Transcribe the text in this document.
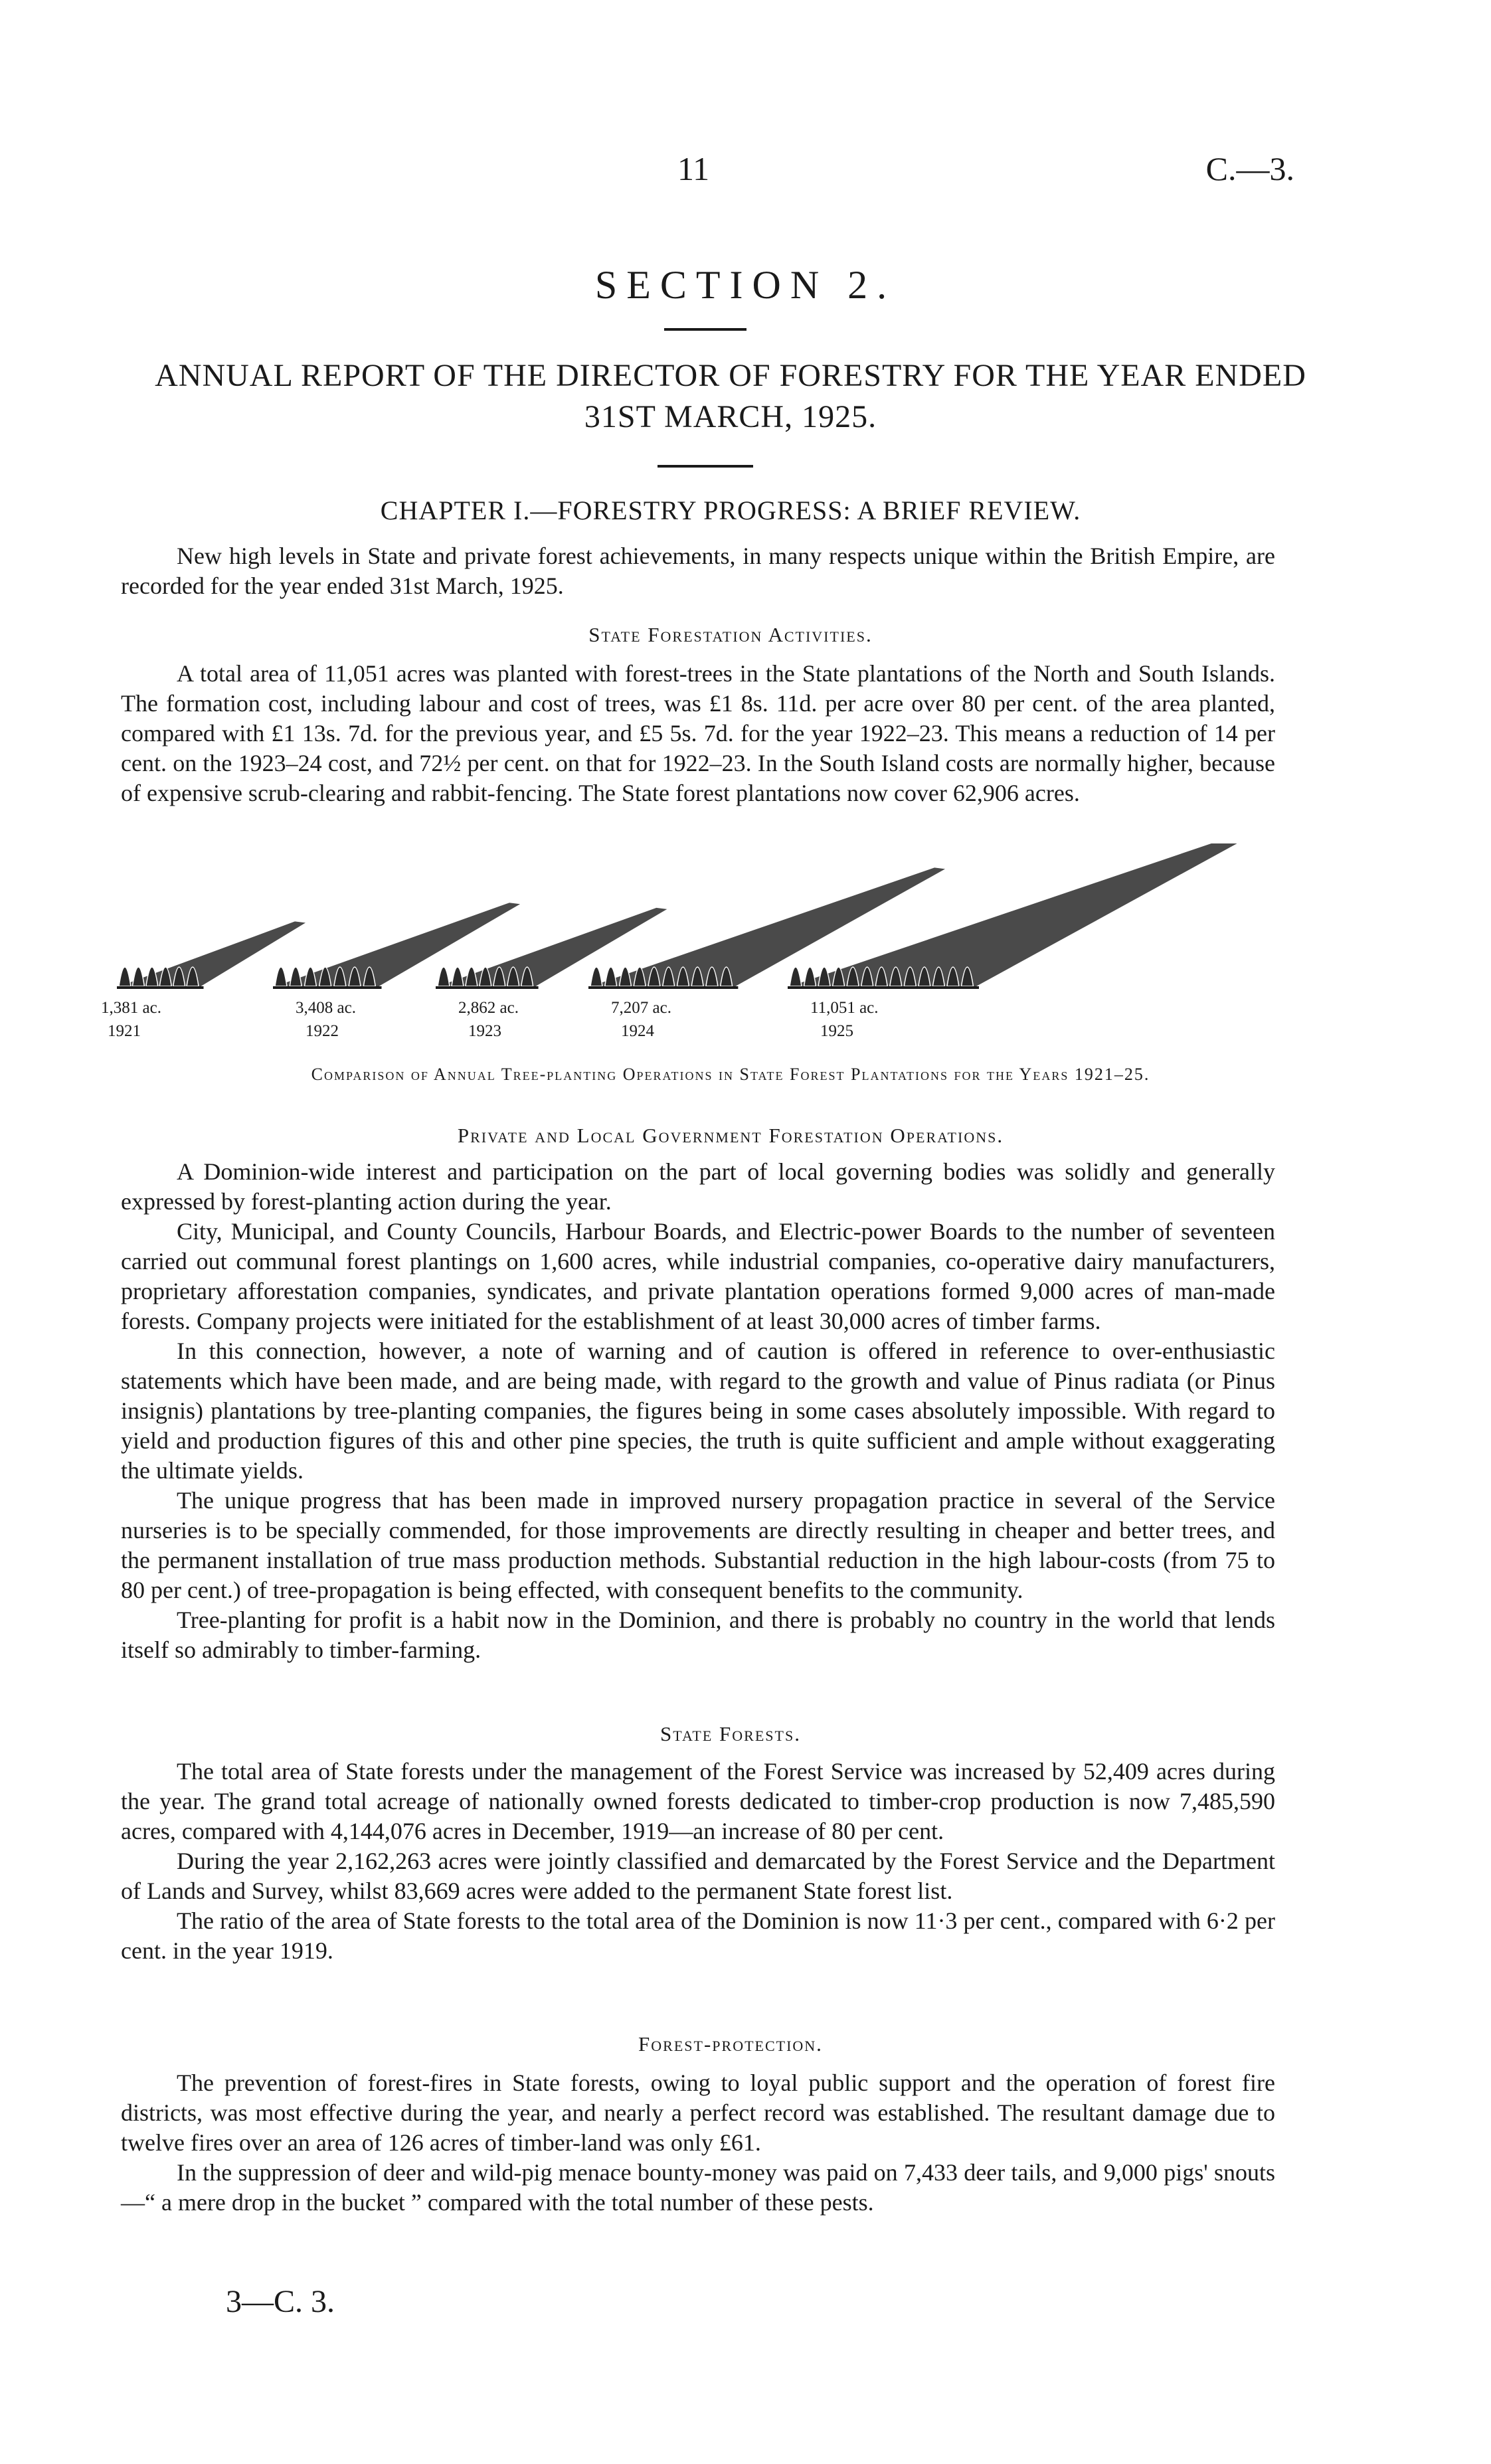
11	C.—3.
SECTION 2.
ANNUAL REPORT OF THE DIRECTOR OF FORESTRY FOR THE YEAR ENDED 31ST MARCH, 1925.
CHAPTER I.—FORESTRY PROGRESS: A BRIEF REVIEW.

New high levels in State and private forest achievements, in many respects unique within the British Empire, are recorded for the year ended 31st March, 1925.

State Forestation Activities.

A total area of 11,051 acres was planted with forest-trees in the State plantations of the North and South Islands. The formation cost, including labour and cost of trees, was £1 8s. 11d. per acre over 80 per cent. of the area planted, compared with £1 13s. 7d. for the previous year, and £5 5s. 7d. for the year 1922–23. This means a reduction of 14 per cent. on the 1923–24 cost, and 72½ per cent. on that for 1922–23. In the South Island costs are normally higher, because of expensive scrub-clearing and rabbit-fencing. The State forest plantations now cover 62,906 acres.

1,381 ac.
1921
3,408 ac.
1922
2,862 ac.
1923
7,207 ac.
1924
11,051 ac.
1925
Comparison of Annual Tree-planting Operations in State Forest Plantations for the Years 1921–25.
Private and Local Government Forestation Operations.

A Dominion-wide interest and participation on the part of local governing bodies was solidly and generally expressed by forest-planting action during the year.

City, Municipal, and County Councils, Harbour Boards, and Electric-power Boards to the number of seventeen carried out communal forest plantings on 1,600 acres, while industrial companies, co-operative dairy manufacturers, proprietary afforestation companies, syndicates, and private plantation operations formed 9,000 acres of man-made forests. Company projects were initiated for the establishment of at least 30,000 acres of timber farms.

In this connection, however, a note of warning and of caution is offered in reference to over-enthusiastic statements which have been made, and are being made, with regard to the growth and value of Pinus radiata (or Pinus insignis) plantations by tree-planting companies, the figures being in some cases absolutely impossible. With regard to yield and production figures of this and other pine species, the truth is quite sufficient and ample without exaggerating the ultimate yields.

The unique progress that has been made in improved nursery propagation practice in several of the Service nurseries is to be specially commended, for those improvements are directly resulting in cheaper and better trees, and the permanent installation of true mass production methods. Substantial reduction in the high labour-costs (from 75 to 80 per cent.) of tree-propagation is being effected, with consequent benefits to the community.

Tree-planting for profit is a habit now in the Dominion, and there is probably no country in the world that lends itself so admirably to timber-farming.

State Forests.

The total area of State forests under the management of the Forest Service was increased by 52,409 acres during the year. The grand total acreage of nationally owned forests dedicated to timber-crop production is now 7,485,590 acres, compared with 4,144,076 acres in December, 1919—an increase of 80 per cent.

During the year 2,162,263 acres were jointly classified and demarcated by the Forest Service and the Department of Lands and Survey, whilst 83,669 acres were added to the permanent State forest list.

The ratio of the area of State forests to the total area of the Dominion is now 11·3 per cent., compared with 6·2 per cent. in the year 1919.

Forest-protection.

The prevention of forest-fires in State forests, owing to loyal public support and the operation of forest fire districts, was most effective during the year, and nearly a perfect record was established. The resultant damage due to twelve fires over an area of 126 acres of timber-land was only £61.

In the suppression of deer and wild-pig menace bounty-money was paid on 7,433 deer tails, and 9,000 pigs' snouts—“ a mere drop in the bucket ” compared with the total number of these pests.

3—C. 3.
